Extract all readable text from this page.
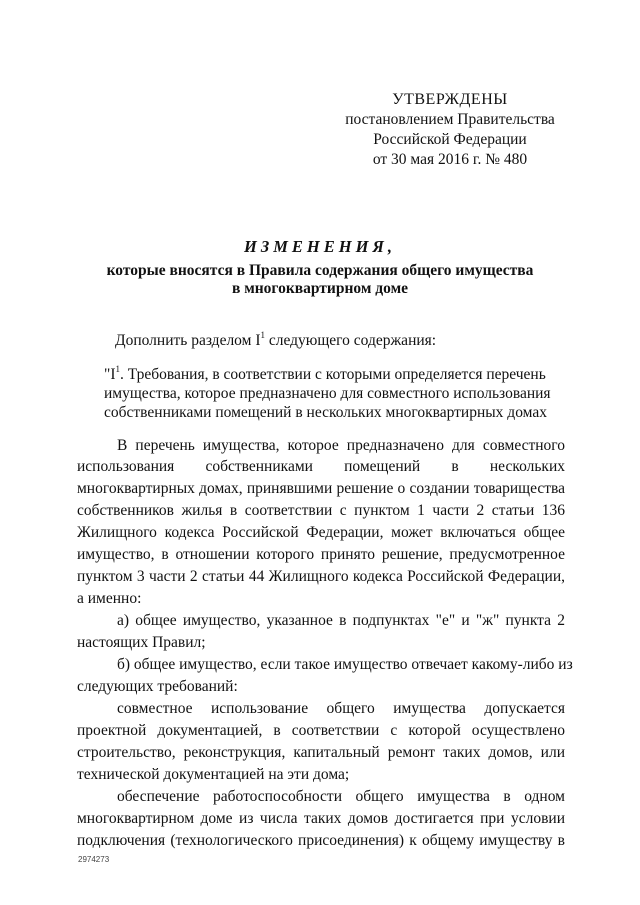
УТВЕРЖДЕНЫ
постановлением Правительства
Российской Федерации
от 30 мая 2016 г. № 480
ИЗМЕНЕНИЯ,
которые вносятся в Правила содержания общего имущества
в многоквартирном доме
Дополнить разделом $I^1$ следующего содержания:
"$I^1$. Требования, в соответствии с которыми определяется перечень
имущества, которое предназначено для совместного использования
собственниками помещений в нескольких многоквартирных домах
В перечень имущества, которое предназначено для совместного
использования собственниками помещений в нескольких
многоквартирных домах, принявшими решение о создании товарищества
собственников жилья в соответствии с пунктом 1 части 2 статьи 136
Жилищного кодекса Российской Федерации, может включаться общее
имущество, в отношении которого принято решение, предусмотренное
пунктом 3 части 2 статьи 44 Жилищного кодекса Российской Федерации,
а именно:
а) общее имущество, указанное в подпунктах "е" и "ж" пункта 2
настоящих Правил;
б) общее имущество, если такое имущество отвечает какому-либо из
следующих требований:
совместное использование общего имущества допускается
проектной документацией, в соответствии с которой осуществлено
строительство, реконструкция, капитальный ремонт таких домов, или
технической документацией на эти дома;
обеспечение работоспособности общего имущества в одном
многоквартирном доме из числа таких домов достигается при условии
подключения (технологического присоединения) к общему имуществу в
2974273
